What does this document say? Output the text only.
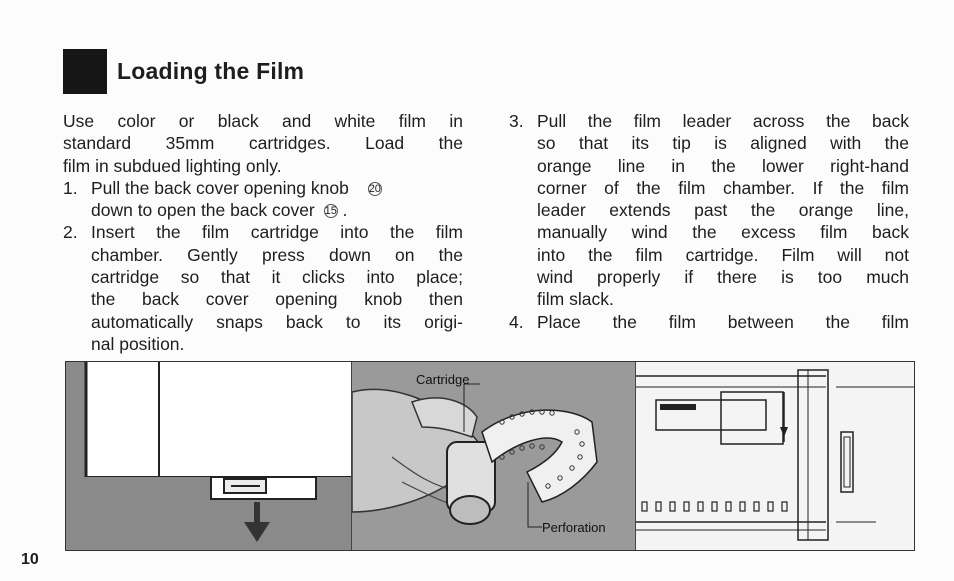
Loading the Film
Use color or black and white film in
standard 35mm cartridges. Load the
film in subdued lighting only.
1. Pull the back cover opening knob 20
down to open the back cover 15 .
2. Insert the film cartridge into the film
chamber. Gently press down on the
cartridge so that it clicks into place;
the back cover opening knob then
automatically snaps back to its origi-
nal position.
3. Pull the film leader across the back
so that its tip is aligned with the
orange line in the lower right-hand
corner of the film chamber. If the film
leader extends past the orange line,
manually wind the excess film back
into the film cartridge. Film will not
wind properly if there is too much
film slack.
4. Place the film between the film
Cartridge
Perforation
10
